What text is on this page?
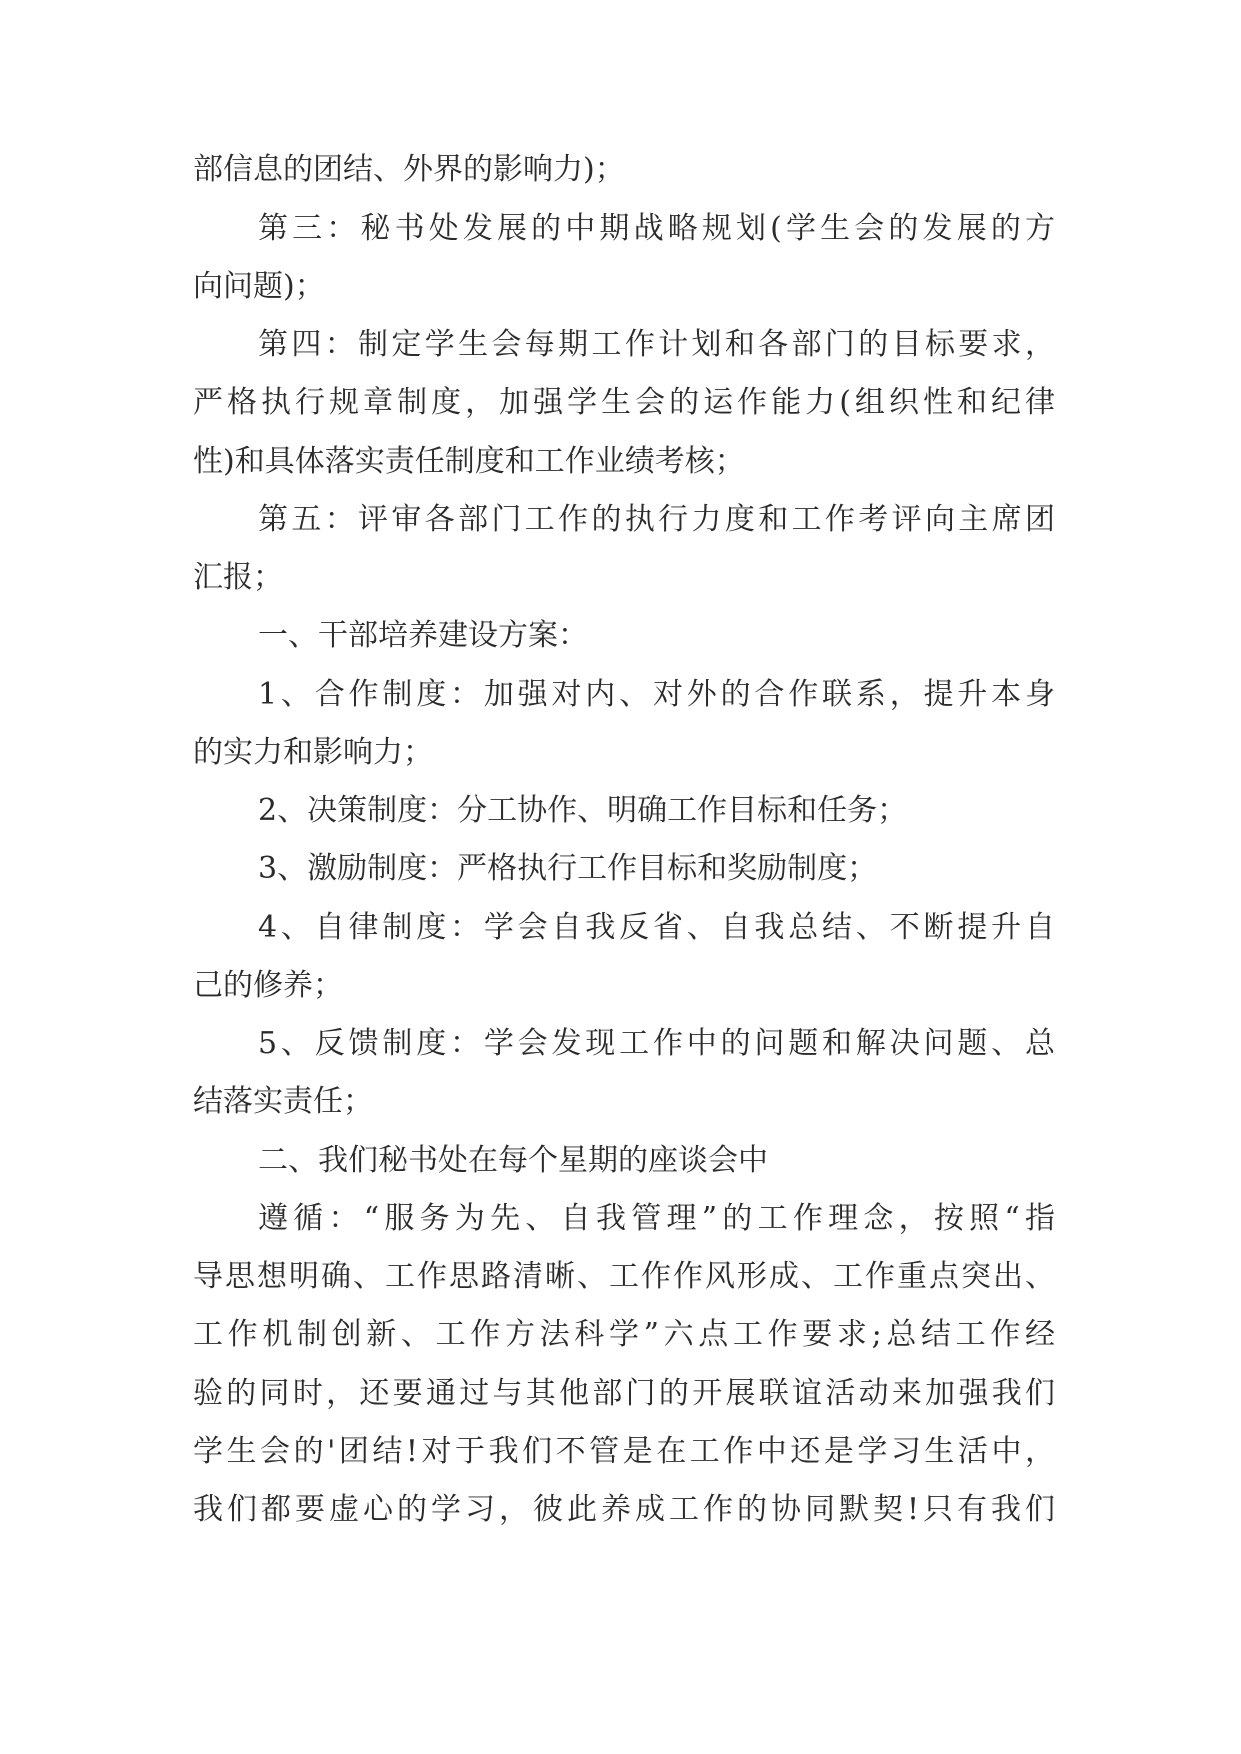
部信息的团结、外界的影响力)；
第三：秘书处发展的中期战略规划(学生会的发展的方
向问题)；
第四：制定学生会每期工作计划和各部门的目标要求，
严格执行规章制度，加强学生会的运作能力(组织性和纪律
性)和具体落实责任制度和工作业绩考核；
第五：评审各部门工作的执行力度和工作考评向主席团
汇报；
一、干部培养建设方案：
1、合作制度：加强对内、对外的合作联系，提升本身
的实力和影响力；
2、决策制度：分工协作、明确工作目标和任务；
3、激励制度：严格执行工作目标和奖励制度；
4、自律制度：学会自我反省、自我总结、不断提升自
己的修养；
5、反馈制度：学会发现工作中的问题和解决问题、总
结落实责任；
二、我们秘书处在每个星期的座谈会中
遵循：“服务为先、自我管理”的工作理念，按照“指
导思想明确、工作思路清晰、工作作风形成、工作重点突出、
工作机制创新、工作方法科学”六点工作要求;总结工作经
验的同时，还要通过与其他部门的开展联谊活动来加强我们
学生会的'团结!对于我们不管是在工作中还是学习生活中，
我们都要虚心的学习，彼此养成工作的协同默契!只有我们
